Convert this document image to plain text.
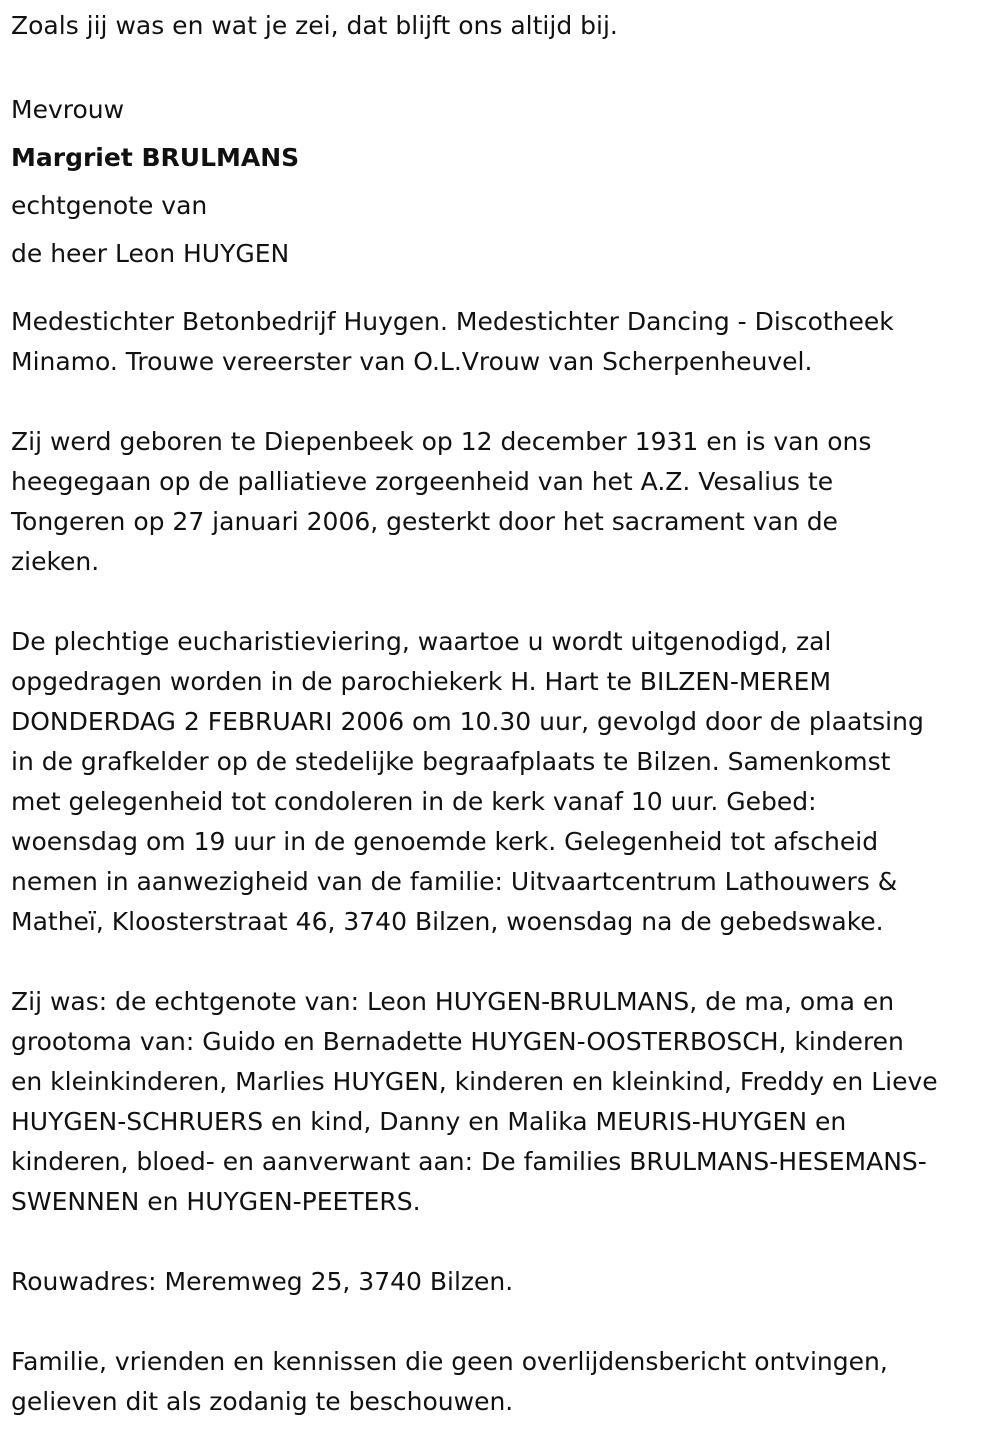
Zoals jij was en wat je zei, dat blijft ons altijd bij.

Mevrouw

Margriet BRULMANS

echtgenote van

de heer Leon HUYGEN

Medestichter Betonbedrijf Huygen. Medestichter Dancing - Discotheek

Minamo. Trouwe vereerster van O.L.Vrouw van Scherpenheuvel.

Zij werd geboren te Diepenbeek op 12 december 1931 en is van ons

heegegaan op de palliatieve zorgeenheid van het A.Z. Vesalius te

Tongeren op 27 januari 2006, gesterkt door het sacrament van de

zieken.

De plechtige eucharistieviering, waartoe u wordt uitgenodigd, zal

opgedragen worden in de parochiekerk H. Hart te BILZEN-MEREM

DONDERDAG 2 FEBRUARI 2006 om 10.30 uur, gevolgd door de plaatsing

in de grafkelder op de stedelijke begraafplaats te Bilzen. Samenkomst

met gelegenheid tot condoleren in de kerk vanaf 10 uur. Gebed:

woensdag om 19 uur in de genoemde kerk. Gelegenheid tot afscheid

nemen in aanwezigheid van de familie: Uitvaartcentrum Lathouwers &

Matheï, Kloosterstraat 46, 3740 Bilzen, woensdag na de gebedswake.

Zij was: de echtgenote van: Leon HUYGEN-BRULMANS, de ma, oma en

grootoma van: Guido en Bernadette HUYGEN-OOSTERBOSCH, kinderen

en kleinkinderen, Marlies HUYGEN, kinderen en kleinkind, Freddy en Lieve

HUYGEN-SCHRUERS en kind, Danny en Malika MEURIS-HUYGEN en

kinderen, bloed- en aanverwant aan: De families BRULMANS-HESEMANS-

SWENNEN en HUYGEN-PEETERS.

Rouwadres: Meremweg 25, 3740 Bilzen.

Familie, vrienden en kennissen die geen overlijdensbericht ontvingen,

gelieven dit als zodanig te beschouwen.
